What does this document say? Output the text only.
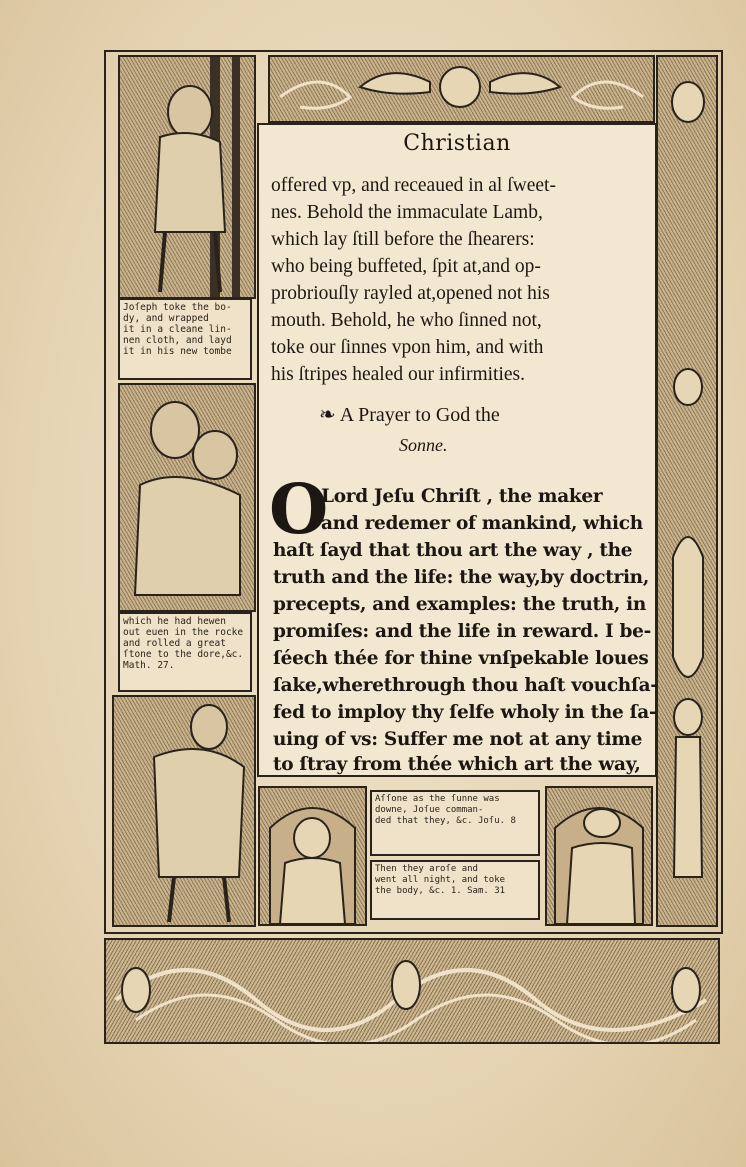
Joſeph toke the bo-
dy, and wrapped
it in a cleane lin-
nen cloth, and layd
it in his new tombe
which he had hewen
out euen in the rocke
and rolled a great
ſtone to the dore,&c.
Math. 27.
Christian
offered vp, and receaued in al ſweet-
nes. Behold the immaculate Lamb,
which lay ſtill before the ſhearers:
who being buffeted, ſpit at,and op-
probriouſly rayled at,opened not his
mouth. Behold, he who ſinned not,
toke our ſinnes vpon him, and with
his ſtripes healed our infirmities.
❧ A Prayer to God the
Sonne.
O
Lord Jeſu Chriſt , the maker
and redemer of mankind, which
haſt ſayd that thou art the way , the
truth and the life: the way,by doctrin,
precepts, and examples: the truth, in
promiſes: and the life in reward. I be-
ſéech thée for thine vnſpekable loues
ſake,wherethrough thou haſt vouchſa-
fed to imploy thy ſelfe wholy in the ſa-
uing of vs: Suffer me not at any time
to ſtray from thée which art the way,
Aſſone as the ſunne was
downe, Joſue comman-
ded that they, &c. Joſu. 8
Then they aroſe and
went all night, and toke
the body, &c. 1. Sam. 31
